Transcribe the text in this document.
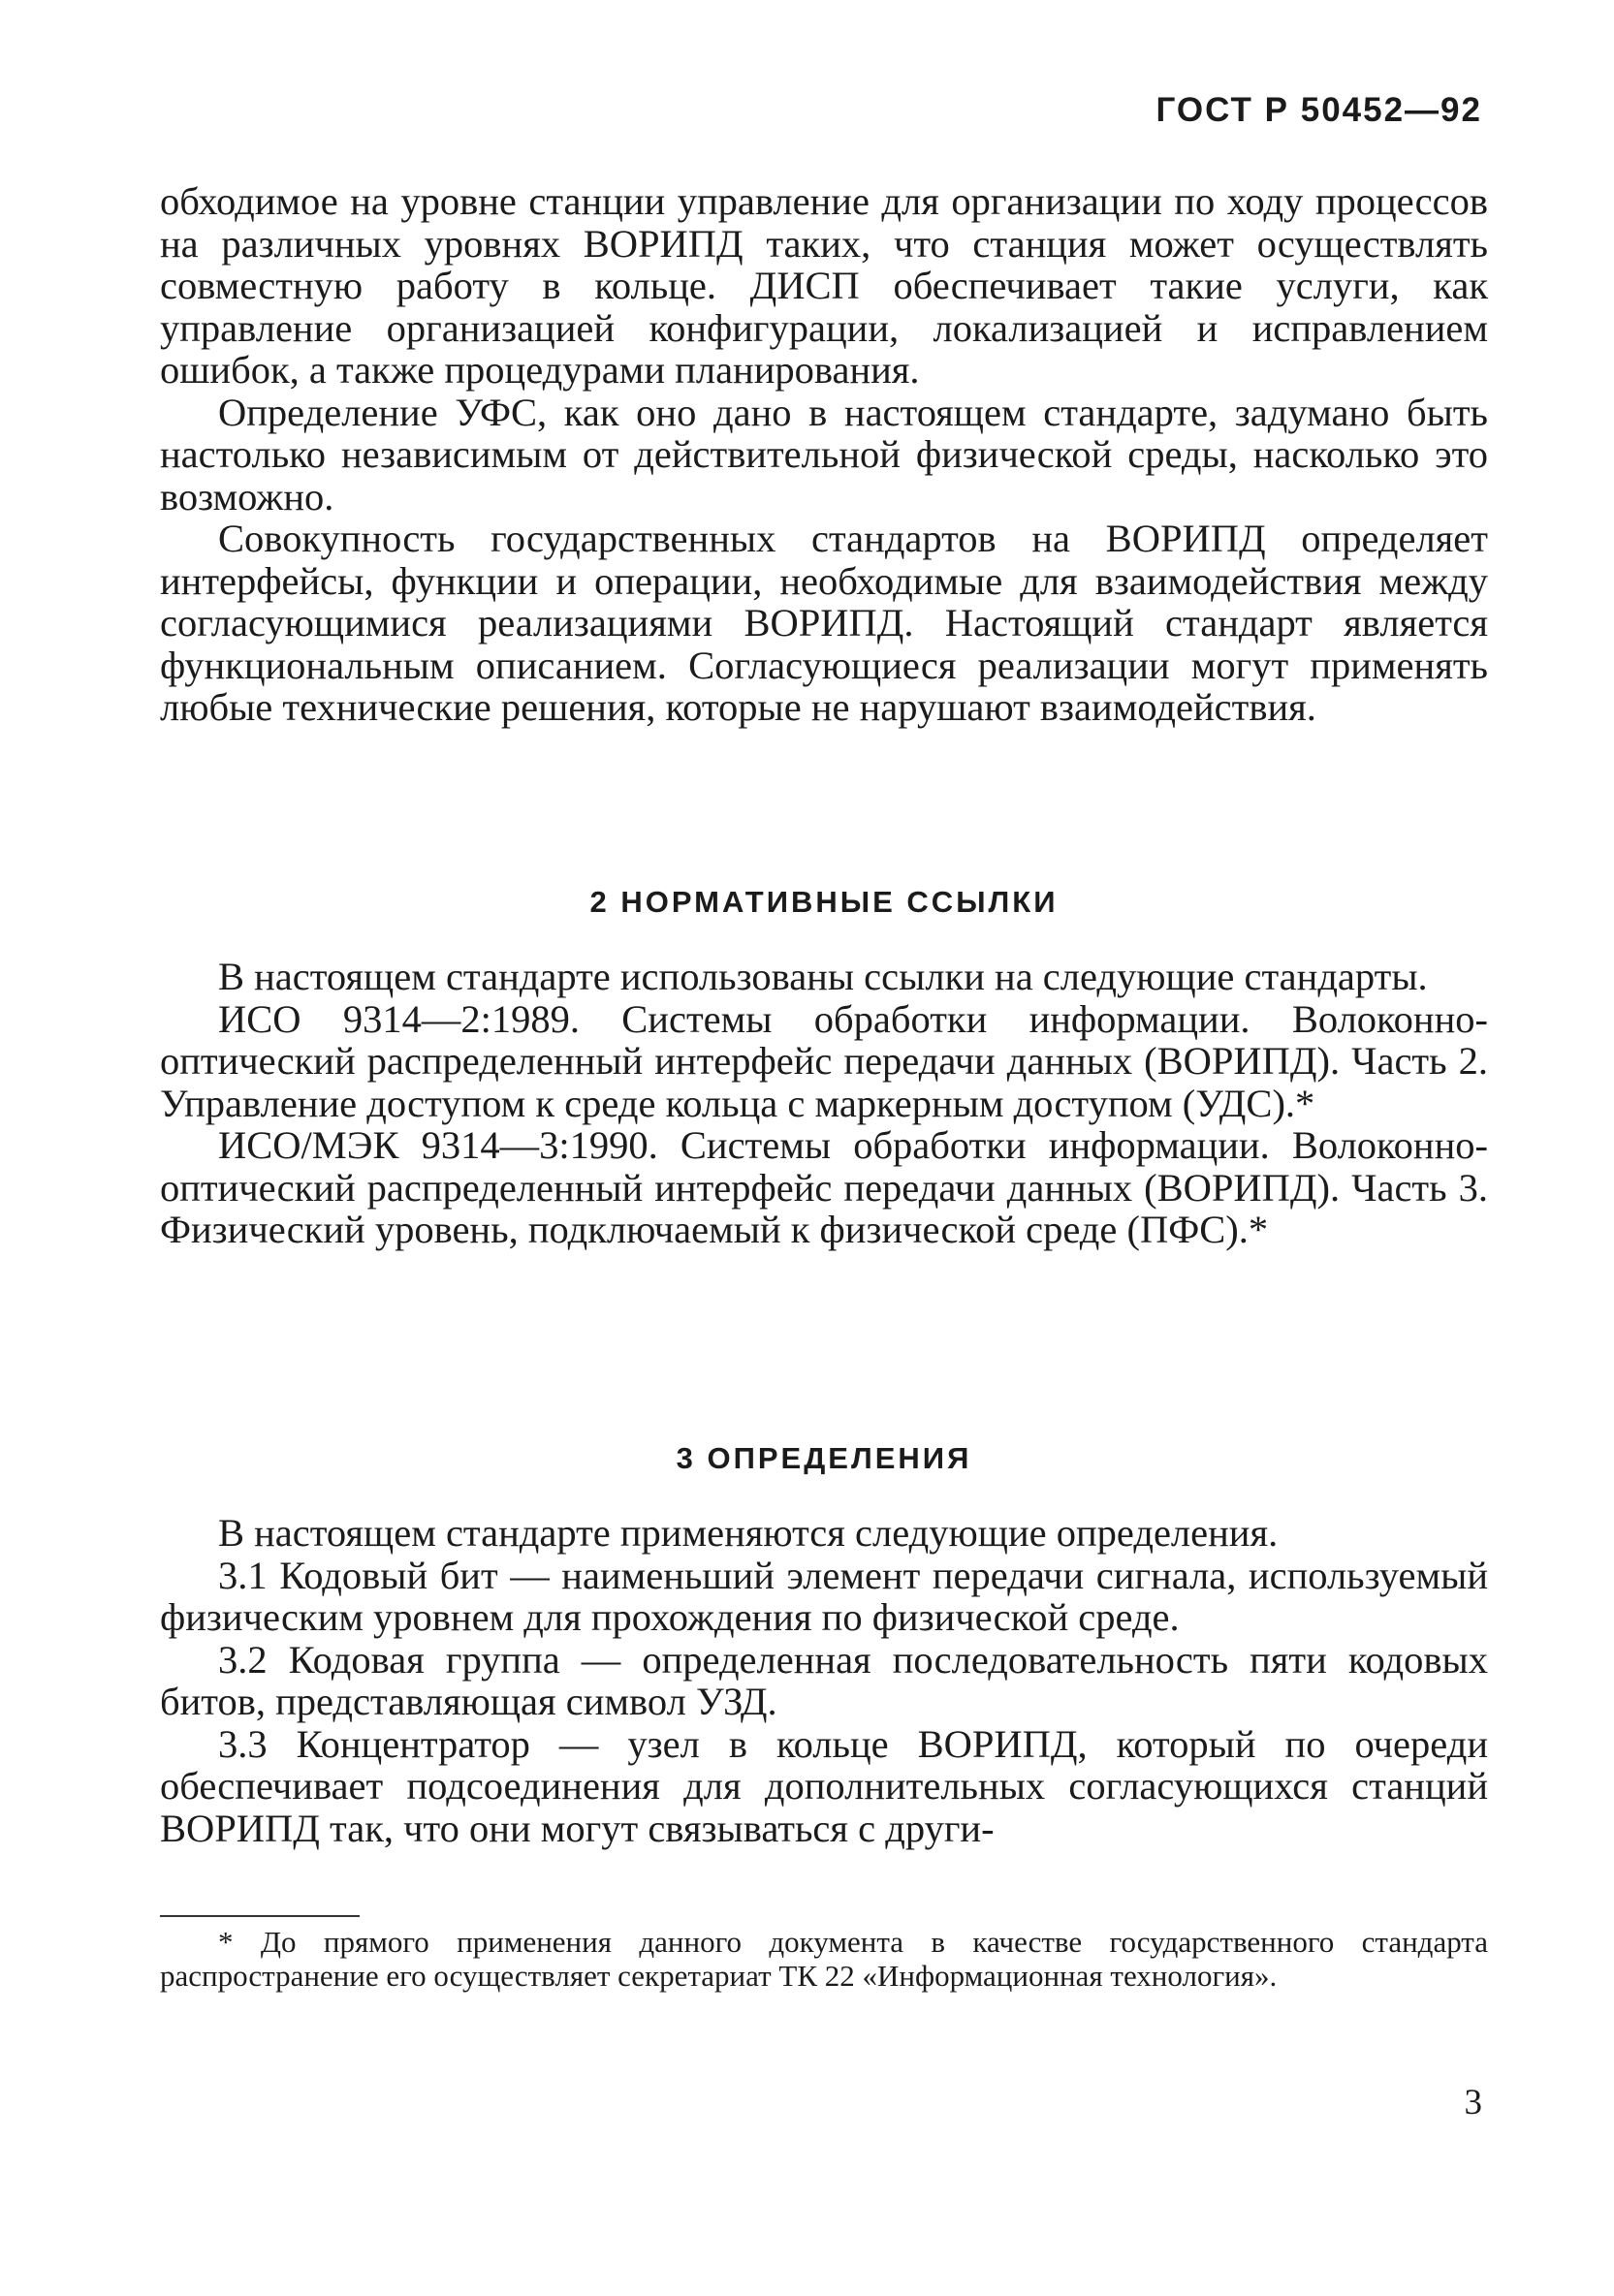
ГОСТ Р 50452—92

обходимое на уровне станции управление для организации по ходу процессов на различных уровнях ВОРИПД таких, что станция может осуществлять совместную работу в кольце. ДИСП обеспечивает такие услуги, как управление организацией конфигурации, локализацией и исправлением ошибок, а также процедурами планирования.

Определение УФС, как оно дано в настоящем стандарте, задумано быть настолько независимым от действительной физической среды, насколько это возможно.

Совокупность государственных стандартов на ВОРИПД определяет интерфейсы, функции и операции, необходимые для взаимодействия между согласующимися реализациями ВОРИПД. Настоящий стандарт является функциональным описанием. Согласующиеся реализации могут применять любые технические решения, которые не нарушают взаимодействия.

2 НОРМАТИВНЫЕ ССЫЛКИ

В настоящем стандарте использованы ссылки на следующие стандарты.

ИСО 9314—2:1989. Системы обработки информации. Волоконно-оптический распределенный интерфейс передачи данных (ВОРИПД). Часть 2. Управление доступом к среде кольца с маркерным доступом (УДС).*

ИСО/МЭК 9314—3:1990. Системы обработки информации. Волоконно-оптический распределенный интерфейс передачи данных (ВОРИПД). Часть 3. Физический уровень, подключаемый к физической среде (ПФС).*

3 ОПРЕДЕЛЕНИЯ

В настоящем стандарте применяются следующие определения.

3.1 Кодовый бит — наименьший элемент передачи сигнала, используемый физическим уровнем для прохождения по физической среде.

3.2 Кодовая группа — определенная последовательность пяти кодовых битов, представляющая символ УЗД.

3.3 Концентратор — узел в кольце ВОРИПД, который по очереди обеспечивает подсоединения для дополнительных согласующихся станций ВОРИПД так, что они могут связываться с други-

* До прямого применения данного документа в качестве государственного стандарта распространение его осуществляет секретариат ТК 22 «Информационная технология».
3
